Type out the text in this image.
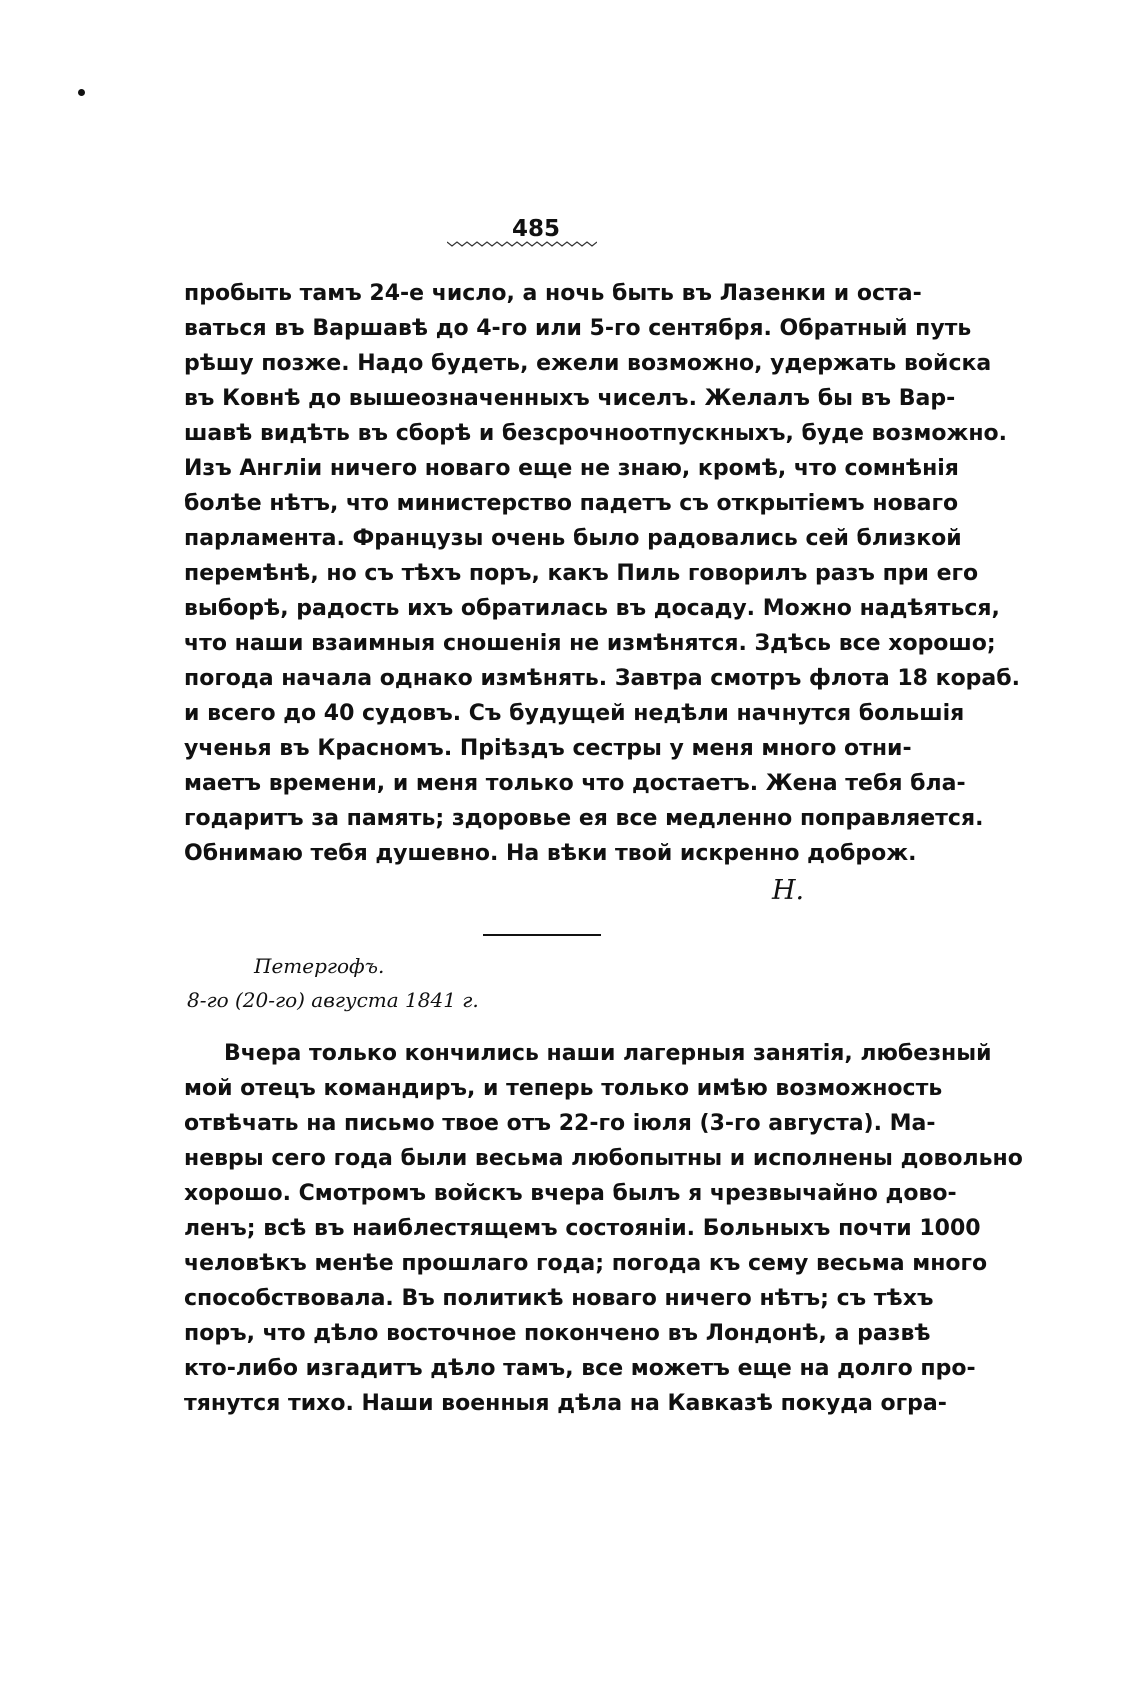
485
пробыть тамъ 24-е число, а ночь быть въ Лазенки и оста-
ваться въ Варшавѣ до 4-го или 5-го сентября. Обратный путь
рѣшу позже. Надо будеть, ежели возможно, удержать войска
въ Ковнѣ до вышеозначенныхъ чиселъ. Желалъ бы въ Вар-
шавѣ видѣть въ сборѣ и безсрочноотпускныхъ, буде возможно.
Изъ Англіи ничего новаго еще не знаю, кромѣ, что сомнѣнія
болѣе нѣтъ, что министерство падетъ съ открытіемъ новаго
парламента. Французы очень было радовались сей близкой
перемѣнѣ, но съ тѣхъ поръ, какъ Пиль говорилъ разъ при его
выборѣ, радость ихъ обратилась въ досаду. Можно надѣяться,
что наши взаимныя сношенія не измѣнятся. Здѣсь все хорошо;
погода начала однако измѣнять. Завтра смотръ флота 18 кораб.
и всего до 40 судовъ. Съ будущей недѣли начнутся большія
ученья въ Красномъ. Пріѣздъ сестры у меня много отни-
маетъ времени, и меня только что достаетъ. Жена тебя бла-
годаритъ за память; здоровье ея все медленно поправляется.
Обнимаю тебя душевно. На вѣки твой искренно доброж.
Н.
Петергофъ.
8-го (20-го) августа 1841 г.
Вчера только кончились наши лагерныя занятія, любезный
мой отецъ командиръ, и теперь только имѣю возможность
отвѣчать на письмо твое отъ 22-го іюля (3-го августа). Ма-
невры сего года были весьма любопытны и исполнены довольно
хорошо. Смотромъ войскъ вчера былъ я чрезвычайно дово-
ленъ; всѣ въ наиблестящемъ состояніи. Больныхъ почти 1000
человѣкъ менѣе прошлаго года; погода къ сему весьма много
способствовала. Въ политикѣ новаго ничего нѣтъ; съ тѣхъ
поръ, что дѣло восточное покончено въ Лондонѣ, а развѣ
кто-либо изгадитъ дѣло тамъ, все можетъ еще на долго про-
тянутся тихо. Наши военныя дѣла на Кавказѣ покуда огра-
